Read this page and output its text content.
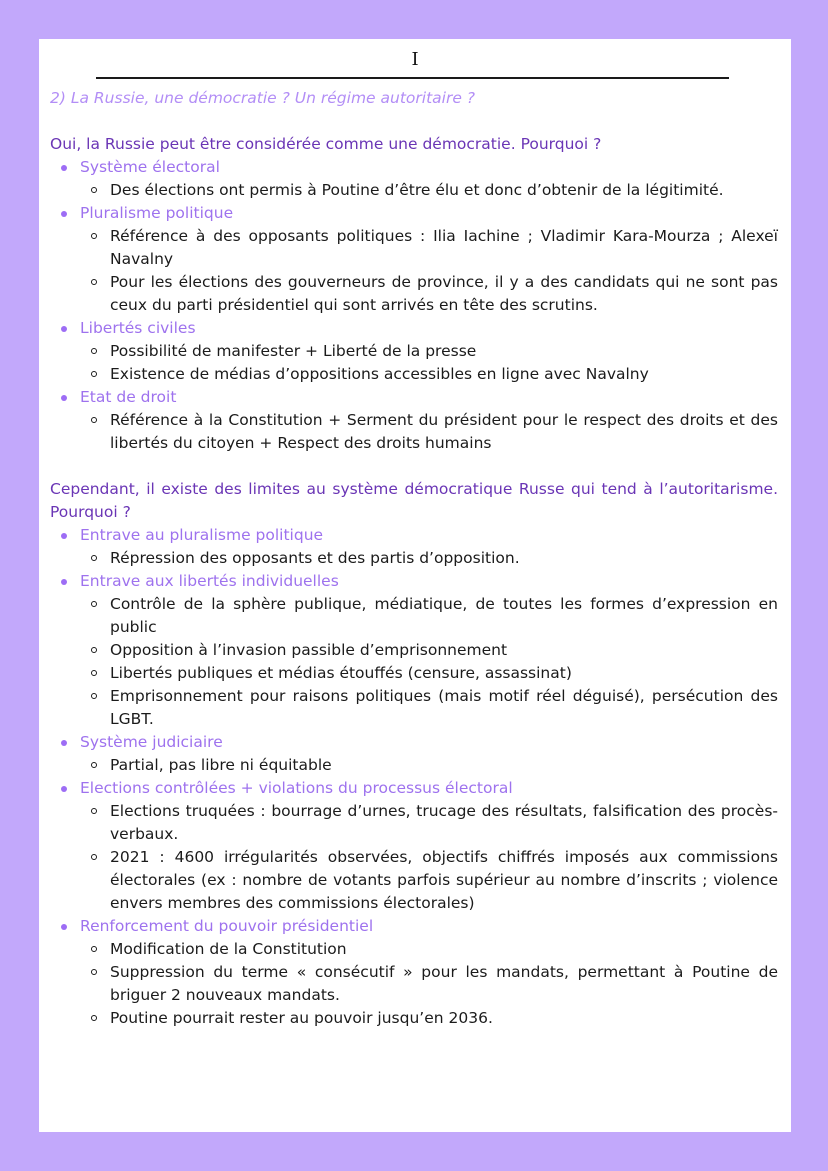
I

2) La Russie, une démocratie ? Un régime autoritaire ?

Oui, la Russie peut être considérée comme une démocratie. Pourquoi ?

Système électoral
Des élections ont permis à Poutine d’être élu et donc d’obtenir de la légitimité.
Pluralisme politique
Référence à des opposants politiques : Ilia Iachine ; Vladimir Kara-Mourza ; Alexeï Navalny
Pour les élections des gouverneurs de province, il y a des candidats qui ne sont pas ceux du parti présidentiel qui sont arrivés en tête des scrutins.
Libertés civiles
Possibilité de manifester + Liberté de la presse
Existence de médias d’oppositions accessibles en ligne avec Navalny
Etat de droit
Référence à la Constitution + Serment du président pour le respect des droits et des libertés du citoyen + Respect des droits humains

Cependant, il existe des limites au système démocratique Russe qui tend à l’autoritarisme. Pourquoi ?

Entrave au pluralisme politique
Répression des opposants et des partis d’opposition.
Entrave aux libertés individuelles
Contrôle de la sphère publique, médiatique, de toutes les formes d’expression en public
Opposition à l’invasion passible d’emprisonnement
Libertés publiques et médias étouffés (censure, assassinat)
Emprisonnement pour raisons politiques (mais motif réel déguisé), persécution des LGBT.
Système judiciaire
Partial, pas libre ni équitable
Elections contrôlées + violations du processus électoral
Elections truquées : bourrage d’urnes, trucage des résultats, falsification des procès-verbaux.
2021 : 4600 irrégularités observées, objectifs chiffrés imposés aux commissions électorales (ex : nombre de votants parfois supérieur au nombre d’inscrits ; violence envers membres des commissions électorales)
Renforcement du pouvoir présidentiel
Modification de la Constitution
Suppression du terme « consécutif » pour les mandats, permettant à Poutine de briguer 2 nouveaux mandats.
Poutine pourrait rester au pouvoir jusqu’en 2036.
